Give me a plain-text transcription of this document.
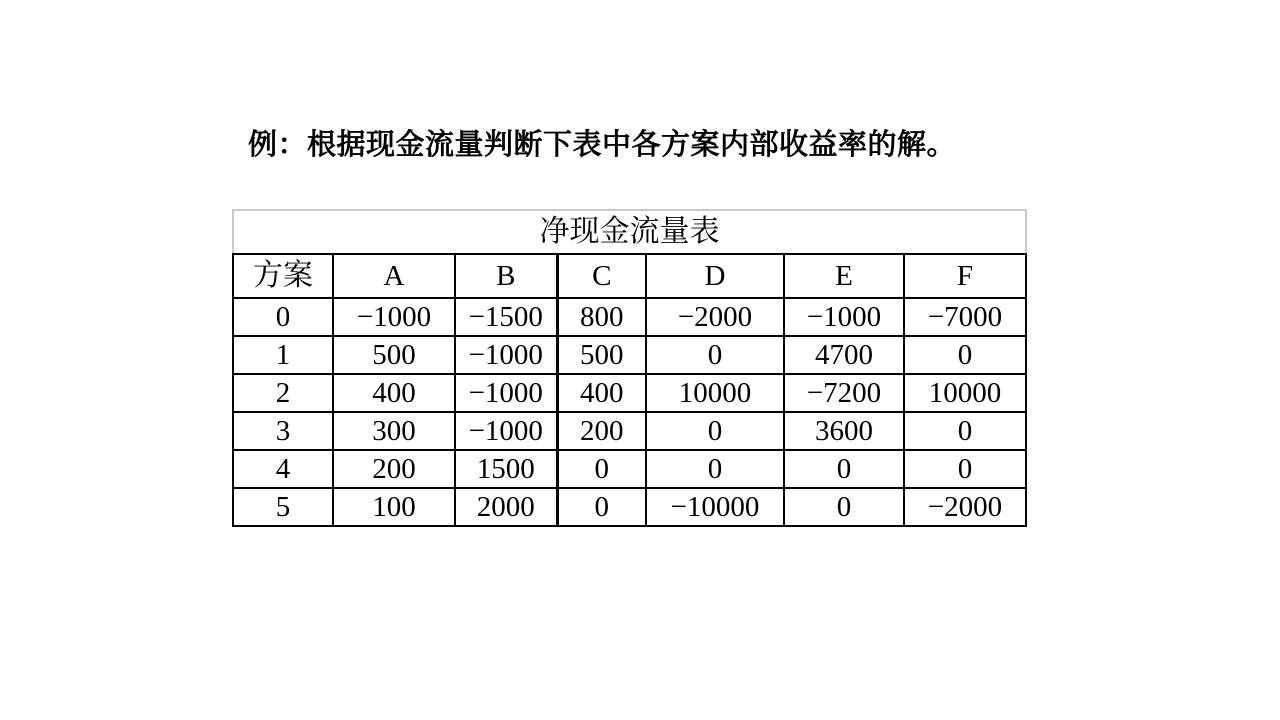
例：根据现金流量判断下表中各方案内部收益率的解。
净现金流量表						
方案	A	B	C	D	E	F
0	−1000	−1500	800	−2000	−1000	−7000
1	500	−1000	500	0	4700	0
2	400	−1000	400	10000	−7200	10000
3	300	−1000	200	0	3600	0
4	200	1500	0	0	0	0
5	100	2000	0	−10000	0	−2000
